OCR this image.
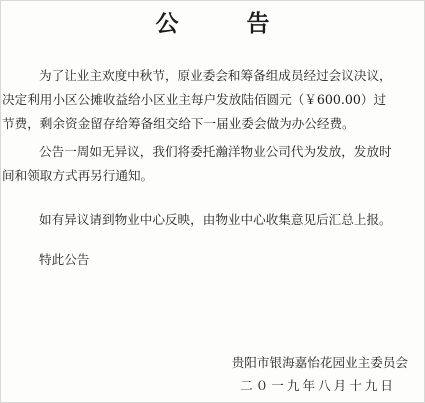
公 告
为了让业主欢度中秋节，原业委会和筹备组成员经过会议决议，
决定利用小区公摊收益给小区业主每户发放陆佰圆元（￥600.00）过
节费，剩余资金留存给筹备组交给下一届业委会做为办公经费。
公告一周如无异议，我们将委托瀚洋物业公司代为发放，发放时
间和领取方式再另行通知。
如有异议请到物业中心反映，由物业中心收集意见后汇总上报。
特此公告
贵阳市银海嘉怡花园业主委员会
二０一九年八月十九日
